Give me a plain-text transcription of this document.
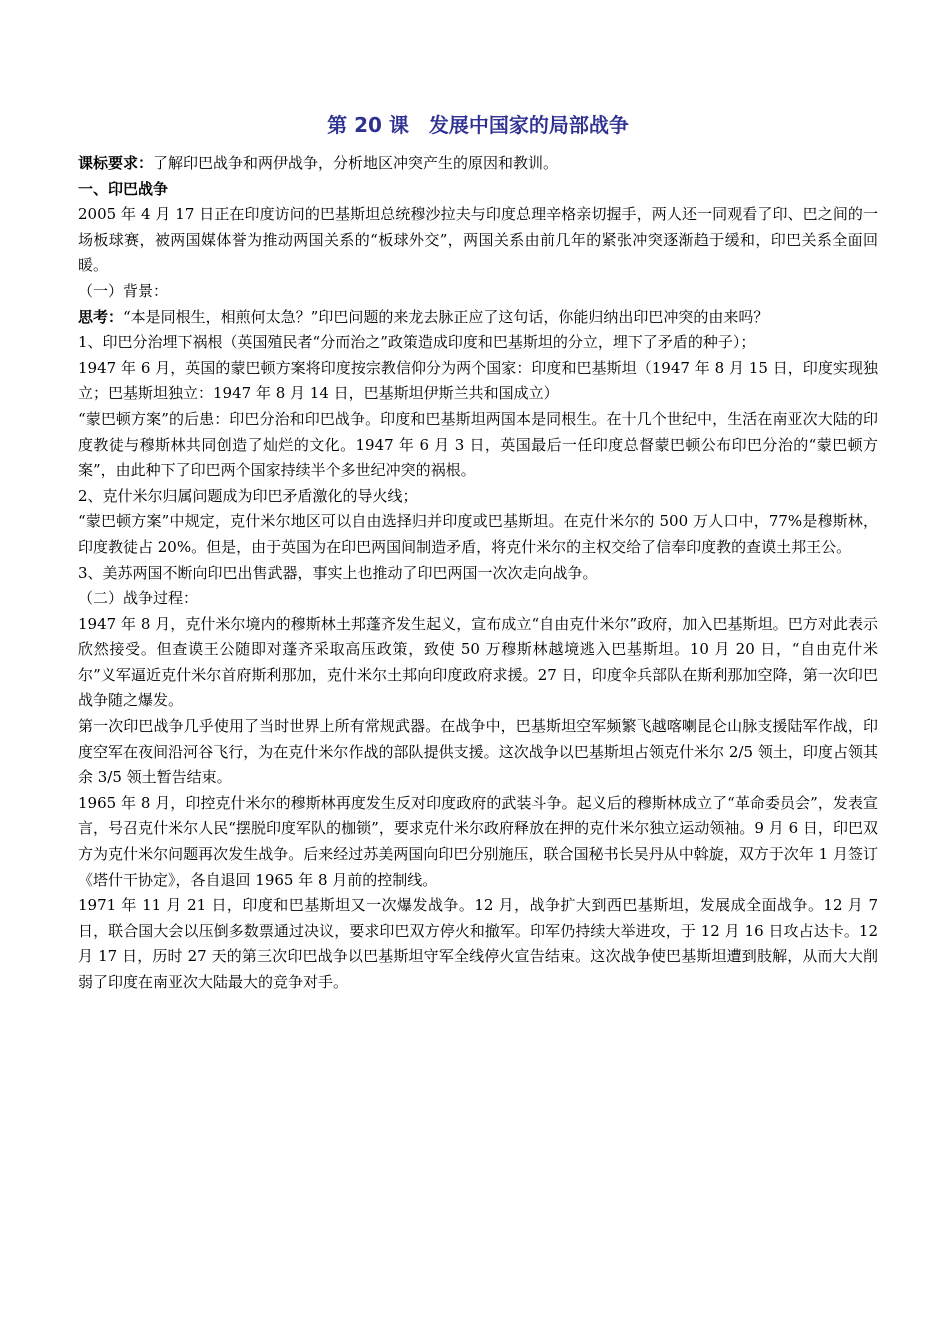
第 20 课　发展中国家的局部战争

课标要求：了解印巴战争和两伊战争，分析地区冲突产生的原因和教训。

一、印巴战争

2005 年 4 月 17 日正在印度访问的巴基斯坦总统穆沙拉夫与印度总理辛格亲切握手，两人还一同观看了印、巴之间的一场板球赛，被两国媒体誉为推动两国关系的“板球外交”，两国关系由前几年的紧张冲突逐渐趋于缓和，印巴关系全面回暖。

（一）背景：

思考：“本是同根生，相煎何太急？”印巴问题的来龙去脉正应了这句话，你能归纳出印巴冲突的由来吗？

1、印巴分治埋下祸根（英国殖民者“分而治之”政策造成印度和巴基斯坦的分立，埋下了矛盾的种子）；

1947 年 6 月，英国的蒙巴顿方案将印度按宗教信仰分为两个国家：印度和巴基斯坦（1947 年 8 月 15 日，印度实现独立；巴基斯坦独立：1947 年 8 月 14 日，巴基斯坦伊斯兰共和国成立）

“蒙巴顿方案”的后患：印巴分治和印巴战争。印度和巴基斯坦两国本是同根生。在十几个世纪中，生活在南亚次大陆的印度教徒与穆斯林共同创造了灿烂的文化。1947 年 6 月 3 日，英国最后一任印度总督蒙巴顿公布印巴分治的“蒙巴顿方案”，由此种下了印巴两个国家持续半个多世纪冲突的祸根。

2、克什米尔归属问题成为印巴矛盾激化的导火线；

“蒙巴顿方案”中规定，克什米尔地区可以自由选择归并印度或巴基斯坦。在克什米尔的 500 万人口中，77%是穆斯林，印度教徒占 20%。但是，由于英国为在印巴两国间制造矛盾，将克什米尔的主权交给了信奉印度教的查谟土邦王公。

3、美苏两国不断向印巴出售武器，事实上也推动了印巴两国一次次走向战争。

（二）战争过程：

1947 年 8 月，克什米尔境内的穆斯林土邦蓬齐发生起义，宣布成立“自由克什米尔”政府，加入巴基斯坦。巴方对此表示欣然接受。但查谟王公随即对蓬齐采取高压政策，致使 50 万穆斯林越境逃入巴基斯坦。10 月 20 日，“自由克什米尔”义军逼近克什米尔首府斯利那加，克什米尔土邦向印度政府求援。27 日，印度伞兵部队在斯利那加空降，第一次印巴战争随之爆发。

第一次印巴战争几乎使用了当时世界上所有常规武器。在战争中，巴基斯坦空军频繁飞越喀喇昆仑山脉支援陆军作战，印度空军在夜间沿河谷飞行，为在克什米尔作战的部队提供支援。这次战争以巴基斯坦占领克什米尔 2/5 领土，印度占领其余 3/5 领土暂告结束。

1965 年 8 月，印控克什米尔的穆斯林再度发生反对印度政府的武装斗争。起义后的穆斯林成立了“革命委员会”，发表宣言，号召克什米尔人民“摆脱印度军队的枷锁”，要求克什米尔政府释放在押的克什米尔独立运动领袖。9 月 6 日，印巴双方为克什米尔问题再次发生战争。后来经过苏美两国向印巴分别施压，联合国秘书长吴丹从中斡旋，双方于次年 1 月签订《塔什干协定》，各自退回 1965 年 8 月前的控制线。

1971 年 11 月 21 日，印度和巴基斯坦又一次爆发战争。12 月，战争扩大到西巴基斯坦，发展成全面战争。12 月 7 日，联合国大会以压倒多数票通过决议，要求印巴双方停火和撤军。印军仍持续大举进攻，于 12 月 16 日攻占达卡。12 月 17 日，历时 27 天的第三次印巴战争以巴基斯坦守军全线停火宣告结束。这次战争使巴基斯坦遭到肢解，从而大大削弱了印度在南亚次大陆最大的竞争对手。
